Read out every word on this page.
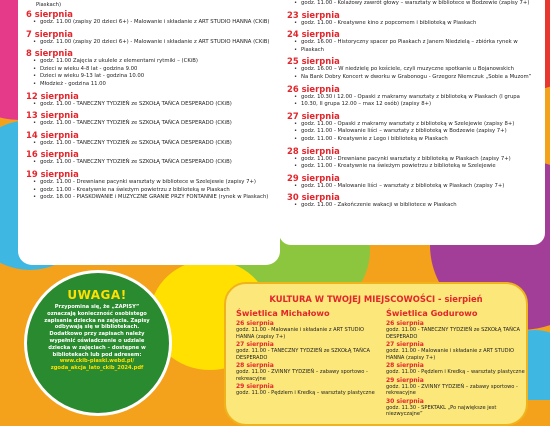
Piaskach)
6 sierpnia
• godz. 11.00 (zapisy 20 dzieci 6+) - Malowanie i składanie z ART STUDIO HANNA (CKiB)
7 sierpnia
• godz. 11.00 (zapisy 20 dzieci 6+) - Malowanie i składanie z ART STUDIO HANNA (CKiB)
8 sierpnia
• godz. 11.00 Zajęcia z ukulele z elementami rytmiki – (CKiB)
• Dzieci w wieku 4-8 lat - godzina 9.00
• Dzieci w wieku 9-13 lat - godzina 10.00
• Młodzież - godzina 11.00
12 sierpnia
• godz. 11.00 - TANECZNY TYDZIEŃ ze SZKOŁĄ TAŃCA DESPERADO (CKiB)
13 sierpnia
• godz. 11.00 - TANECZNY TYDZIEŃ ze SZKOŁĄ TAŃCA DESPERADO (CKiB)
14 sierpnia
• godz. 11.00 - TANECZNY TYDZIEŃ ze SZKOŁĄ TAŃCA DESPERADO (CKiB)
16 sierpnia
• godz. 11.00 - TANECZNY TYDZIEŃ ze SZKOŁĄ TAŃCA DESPERADO (CKiB)
19 sierpnia
• godz. 11.00 - Drewniane pacynki warsztaty w bibliotece w Szelejewie (zapisy 7+)
• godz. 11.00 - Kreatywnie na świeżym powietrzu z biblioteką w Piaskach
• godz. 18.00 - PIASKOWANIE i MUZYCZNE GRANIE PRZY FONTANNIE (rynek w Piaskach)
• godz. 11.00 - Kolażowy zawrót głowy – warsztaty w bibliotece w Bodzewie (zapisy 7+)
23 sierpnia
• godz. 11.00 - Kreatywne kino z popcornem i biblioteką w Piaskach
24 sierpnia
• godz. 16.00 - Historyczny spacer po Piaskach z Janem Niedzielą – zbiórka rynek w
• Piaskach
25 sierpnia
• godz. 16.00 – W niedzielę po kościele, czyli muzyczne spotkanie u Bojanowskich
• Na Bank Dobry Koncert w dworku w Grabonogu - Grzegorz Niemczuk „Sobie a Muzom”
26 sierpnia
• godz. 10.30 i 12.00 - Opaski z makramy warsztaty z biblioteką w Piaskach (I grupa
• 10.30, II grupa 12.00 – max 12 osób) (zapisy 8+)
27 sierpnia
• godz. 11.00 - Opaski z makramy warsztaty z biblioteką w Szelejewie (zapisy 8+)
• godz. 11.00 - Malowanie liści – warsztaty z biblioteką w Bodzewie (zapisy 7+)
• godz. 11.00 - Kreatywnie z Lego i biblioteką w Piaskach
28 sierpnia
• godz. 11.00 - Drewniane pacynki warsztaty z biblioteką w Piaskach (zapisy 7+)
• godz. 11.00 - Kreatywnie na świeżym powietrzu z biblioteką w Szelejewie
29 sierpnia
• godz. 11.00 - Malowanie liści – warsztaty z biblioteką w Piaskach (zapisy 7+)
30 sierpnia
• godz. 11.00 - Zakończenie wakacji w bibliotece w Piaskach
UWAGA!
Przypomina się, że „ZAPISY” oznaczają konieczność osobistego zapisania dziecka na zajęcia. Zapisy odbywają się w bibliotekach. Dodatkowo przy zapisach należy wypełnić oświadczenie o udziale dziecka w zajęciach – dostępne w bibliotekach lub pod adresem:
www.ckib-piaski.webd.pl/ zgoda_akcja_lato_ckib_2024.pdf
KULTURA W TWOJEJ MIEJSCOWOŚCI - sierpień
Świetlica Michałowo
26 sierpnia
godz. 11.00 - Malowanie i składanie z ART STUDIO HANNA (zapisy 7+)
27 sierpnia
godz. 11.00 - TANECZNY TYDZIEŃ ze SZKOŁĄ TAŃCA DESPERADO
28 sierpnia
godz. 11.00 - ZVINNY TYDZIEŃ – zabawy sportowo - rekreacyjne
29 sierpnia
godz. 11.00 - Pędzlem i Kredką – warsztaty plastyczne
Świetlica Godurowo
26 sierpnia
godz. 11.00 - TANECZNY TYDZIEŃ ze SZKOŁĄ TAŃCA DESPERADO
27 sierpnia
godz. 11.00 - Malowanie i składanie z ART STUDIO HANNA (zapisy 7+)
28 sierpnia
godz. 11.00 - Pędzlem i Kredką – warsztaty plastyczne
29 sierpnia
godz. 11.00 - ZVINNY TYDZIEŃ – zabawy sportowo - rekreacyjne
30 sierpnia
godz. 11.30 - SPEKTAKL „Po największe jest niezwyczajne”
